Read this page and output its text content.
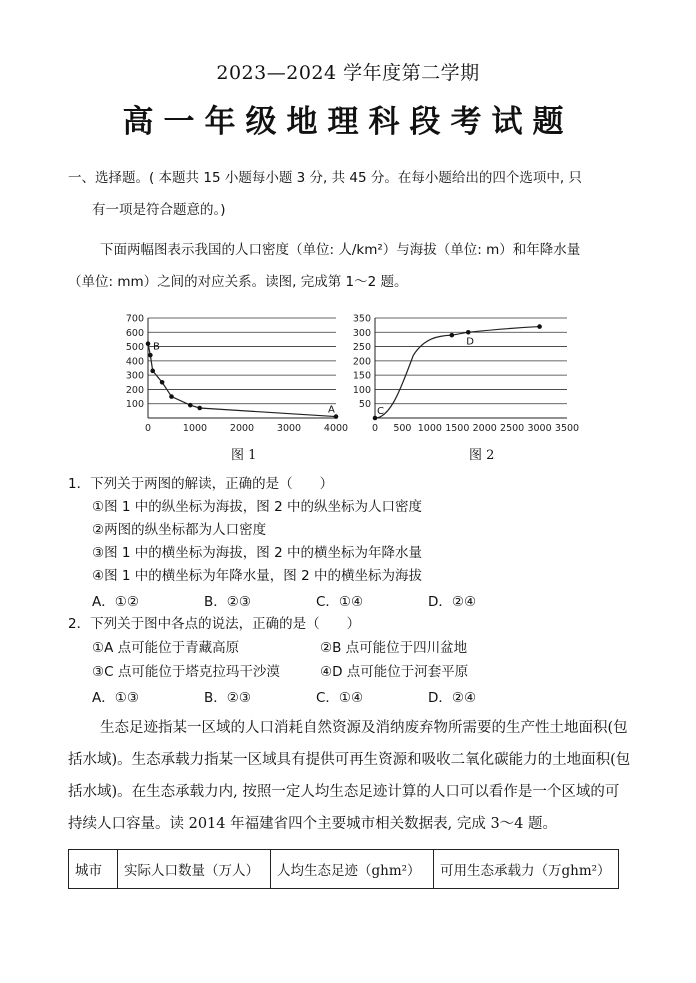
2023—2024 学年度第二学期
高一年级地理科段考试题
一、选择题。( 本题共 15 小题每小题 3 分, 共 45 分。在每小题给出的四个选项中, 只
有一项是符合题意的。)
下面两幅图表示我国的人口密度（单位: 人/km²）与海拔（单位: m）和年降水量
（单位: mm）之间的对应关系。读图, 完成第 1～2 题。
100
200
300
400
500
600
700
0	1000 2000 3000 4000
B
A
图 1
50
100
150
200
250
300
350
0 500 1000 1500 2000 2500 3000 3500
C
D
图 2
1．下列关于两图的解读，正确的是（　　）
①图 1 中的纵坐标为海拔，图 2 中的纵坐标为人口密度
②两图的纵坐标都为人口密度
③图 1 中的横坐标为海拔，图 2 中的横坐标为年降水量
④图 1 中的横坐标为年降水量，图 2 中的横坐标为海拔
A．①②	B．②③	C．①④	D．②④
2．下列关于图中各点的说法，正确的是（　　）
①A 点可能位于青藏高原	②B 点可能位于四川盆地
③C 点可能位于塔克拉玛干沙漠	④D 点可能位于河套平原
A．①③	B．②③	C．①④	D．②④
生态足迹指某一区域的人口消耗自然资源及消纳废弃物所需要的生产性土地面积(包
括水域)。生态承载力指某一区域具有提供可再生资源和吸收二氧化碳能力的土地面积(包
括水域)。在生态承载力内, 按照一定人均生态足迹计算的人口可以看作是一个区域的可
持续人口容量。读 2014 年福建省四个主要城市相关数据表, 完成 3～4 题。
城市	实际人口数量（万人）	人均生态足迹（ghm²）	可用生态承载力（万ghm²）
